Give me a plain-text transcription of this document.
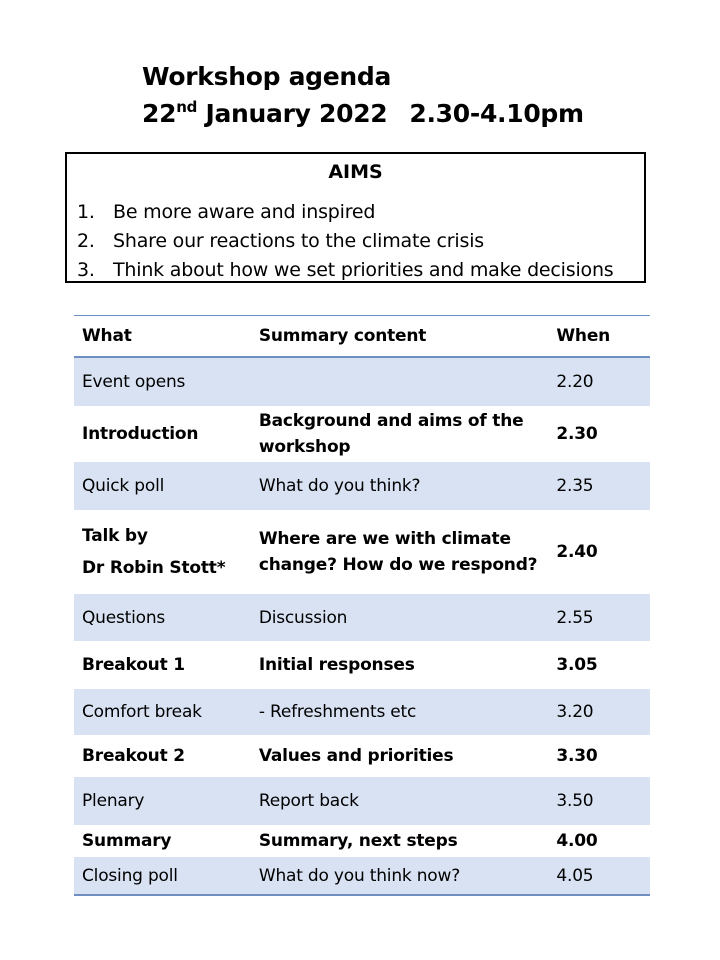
Workshop agenda
22nd January 2022 2.30-4.10pm
AIMS
1. Be more aware and inspired
2. Share our reactions to the climate crisis
3. Think about how we set priorities and make decisions
What	Summary content	When
Event opens		2.20
Introduction	Background and aims of the workshop	2.30
Quick poll	What do you think?	2.35

Talk by
Dr Robin Stott*	Where are we with climate change? How do we respond?	2.40
Questions	Discussion	2.55
Breakout 1	Initial responses	3.05
Comfort break	- Refreshments etc	3.20
Breakout 2	Values and priorities	3.30
Plenary	Report back	3.50
Summary	Summary, next steps	4.00
Closing poll	What do you think now?	4.05
